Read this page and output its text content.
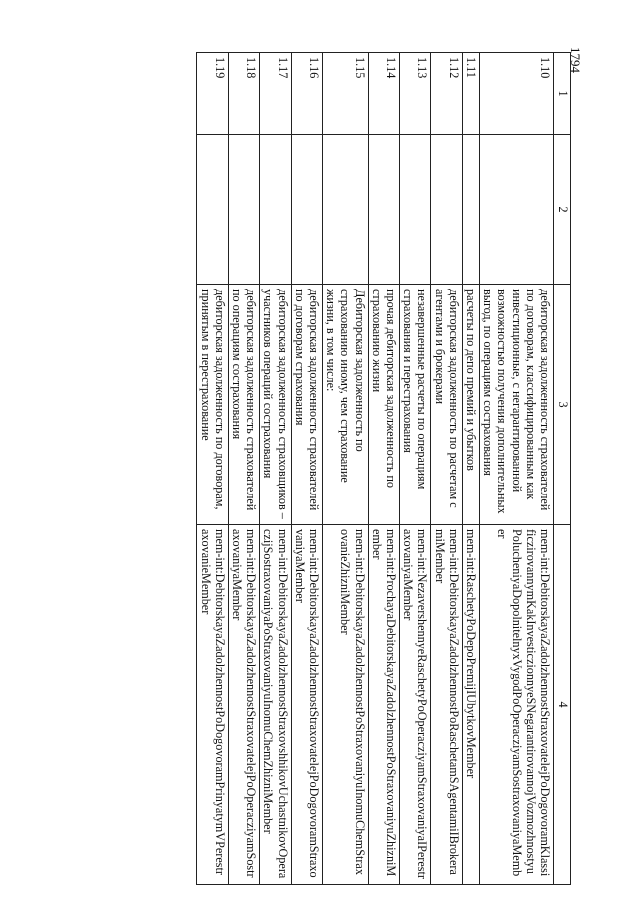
1794
1	2	3	4
1.10		дебиторская задолженность страхователей по договорам, классифицированным как инвестиционные, с негарантированной возможностью получения дополнительных выгод, по операциям сострахования	mem-int:DebitorskayaZadolzhennostStraxovatelejPoDogovoramKlassificzirovannymKakInvesticzionnyeSNegarantirovannojVozmozhnostyuPolucheniyaDopolnitelnyxVygodPoOperacziyamSostraxovaniyaMember
1.11		расчеты по депо премий и убытков	mem-int:RaschetyPoDepoPremijIUbytkovMember
1.12		дебиторская задолженность по расчетам с агентами и брокерами	mem-int:DebitorskayaZadolzhennostPoRaschetamSAgentamiIBrokeramiMember
1.13		незавершенные расчеты по операциям страхования и перестрахования	mem-int:NezavershennyeRaschetyPoOperacziyamStraxovaniyaIPerestraxovaniyaMember
1.14		прочая дебиторская задолженность по страхованию жизни	mem-int:ProchayaDebitorskayaZadolzhennostPoStraxovaniyuZhizniMember
1.15		Дебиторская задолженность по страхованию иному, чем страхование жизни, в том числе:	mem-int:DebitorskayaZadolzhennostPoStraxovaniyuInomuChemStraxovanieZhizniMember
1.16		дебиторская задолженность страхователей по договорам страхования	mem-int:DebitorskayaZadolzhennostStraxovatelejPoDogovoramStraxovaniyaMember
1.17		дебиторская задолженность страховщиков – участников операций сострахования	mem-int:DebitorskayaZadolzhennostStraxovshhikovUchastnikovOperaczijSostraxovaniyaPoStraxovaniyuInomuChemZhizniMember
1.18		дебиторская задолженность страхователей по операциям сострахования	mem-int:DebitorskayaZadolzhennostStraxovatelejPoOperacziyamSostraxovaniyaMember
1.19		дебиторская задолженность по договорам, принятым в перестрахование	mem-int:DebitorskayaZadolzhennostPoDogovoramPrinyatymVPerestraxovanieMember
